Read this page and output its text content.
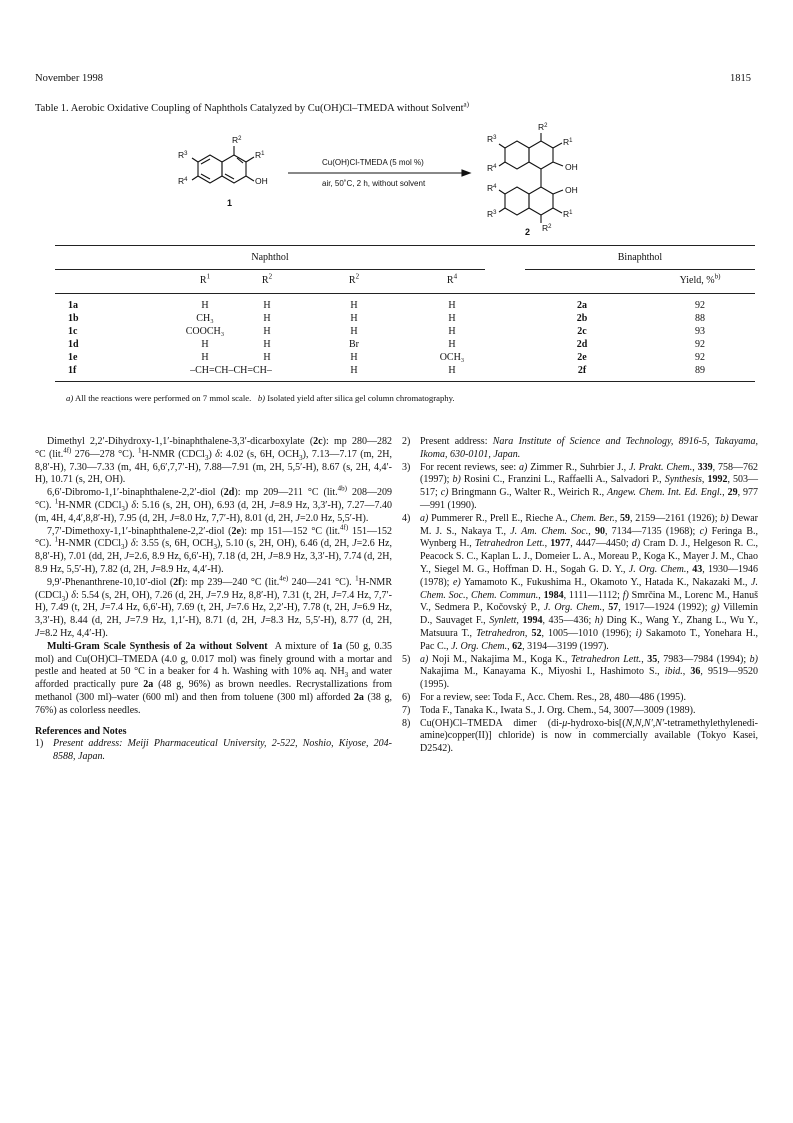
November 1998	1815
Table 1. Aerobic Oxidative Coupling of Naphthols Catalyzed by Cu(OH)Cl–TMEDA without Solvent$^{a)}$
$R^3$
$R^2$
$R^1$
$R^4$	OH
1
Cu(OH)Cl-TMEDA (5 mol %)
air, 50˚C, 2 h, without solvent
$R^2$
$R^3$	$R^1$
$R^4$	OH
OH
$R^4$
$R^3$	$R^1$
$R^2$
2
Naphthol	Binaphthol
$R^1$	$R^2$	$R^2$	$R^4$	Yield, %$^{b)}$
1a	H	H	H	H	2a	92
1b	CH₃	H	H	H	2b	88
1c	COOCH₃	H	H	H	2c	93
1d	H	H	Br	H	2d	92
1e	H	H	H	OCH₃	2e	92
1f	–CH=CH–CH=CH–	H	H	2f	89
a) All the reactions were performed on 7 mmol scale. b) Isolated yield after silica gel column chromatography.

Dimethyl 2,2′-Dihydroxy-1,1′-binaphthalene-3,3′-dicarboxylate (2c): mp 280—282 °C (lit.$^{4f)}$ 276—278 °C). $^1$H-NMR (CDCl$_3$) δ: 4.02 (s, 6H, $OCH_3$), 7.13—7.17 (m, 2H, 8,8′-H), 7.30—7.33 (m, 4H, 6,6′,7,7′-H), 7.88—7.91 (m, 2H, 5,5′-H), 8.67 (s, 2H, 4,4′-H), 10.71 (s, 2H, OH).

6,6′-Dibromo-1,1′-binaphthalene-2,2′-diol (2d): mp 209—211 °C (lit.$^{4b)}$ 208—209 °C). $^1$H-NMR (CDCl$_3$) δ: 5.16 (s, 2H, OH), 6.93 (d, 2H, J=8.9 Hz, 3,3′-H), 7.27—7.40 (m, 4H, 4,4′,8,8′-H), 7.95 (d, 2H, J=8.0 Hz, 7,7′-H), 8.01 (d, 2H, J=2.0 Hz, 5,5′-H).

7,7′-Dimethoxy-1,1′-binaphthalene-2,2′-diol (2e): mp 151—152 °C (lit.$^{4f)}$ 151—152 °C). $^1$H-NMR (CDCl$_3$) δ: 3.55 (s, 6H, $OCH_3$), 5.10 (s, 2H, OH), 6.46 (d, 2H, J=2.6 Hz, 8,8′-H), 7.01 (dd, 2H, J=2.6, 8.9 Hz, 6,6′-H), 7.18 (d, 2H, J=8.9 Hz, 3,3′-H), 7.74 (d, 2H, 8.9 Hz, 5,5′-H), 7.82 (d, 2H, J=8.9 Hz, 4,4′-H).

9,9′-Phenanthrene-10,10′-diol (2f): mp 239—240 °C (lit.$^{4e)}$ 240—241 °C). $^1$H-NMR (CDCl$_3$) δ: 5.54 (s, 2H, OH), 7.26 (d, 2H, J=7.9 Hz, 8,8′-H), 7.31 (t, 2H, J=7.4 Hz, 7,7′-H), 7.49 (t, 2H, J=7.4 Hz, 6,6′-H), 7.69 (t, 2H, J=7.6 Hz, 2,2′-H), 7.78 (t, 2H, J=6.9 Hz, 3,3′-H), 8.44 (d, 2H, J=7.9 Hz, 1,1′-H), 8.71 (d, 2H, J=8.3 Hz, 5,5′-H), 8.77 (d, 2H, J=8.2 Hz, 4,4′-H).

Multi-Gram Scale Synthesis of 2a without Solvent  A mixture of 1a (50 g, 0.35 mol) and Cu(OH)Cl–TMEDA (4.0 g, 0.017 mol) was finely ground with a mortar and pestle and heated at 50 °C in a beaker for 4 h. Washing with 10% aq. $NH_3$ and water afforded practically pure 2a (48 g, 96%) as brown needles. Recrystallizations from methanol (300 ml)–water (600 ml) and then from toluene (300 ml) afforded 2a (38 g, 76%) as colorless needles.

References and Notes

1) Present address: Meiji Pharmaceutical University, 2-522, Noshio, Kiyose, 204-8588, Japan.
2) Present address: Nara Institute of Science and Technology, 8916-5, Takayama, Ikoma, 630-0101, Japan.
3) For recent reviews, see: a) Zimmer R., Suhrbier J., J. Prakt. Chem., 339, 758—762 (1997); b) Rosini C., Franzini L., Raffaelli A., Salvadori P., Synthesis, 1992, 503—517; c) Bringmann G., Walter R., Weirich R., Angew. Chem. Int. Ed. Engl., 29, 977—991 (1990).
4) a) Pummerer R., Prell E., Rieche A., Chem. Ber., 59, 2159—2161 (1926); b) Dewar M. J. S., Nakaya T., J. Am. Chem. Soc., 90, 7134—7135 (1968); c) Feringa B., Wynberg H., Tetrahedron Lett., 1977, 4447—4450; d) Cram D. J., Helgeson R. C., Peacock S. C., Kaplan L. J., Domeier L. A., Moreau P., Koga K., Mayer J. M., Chao Y., Siegel M. G., Hoffman D. H., Sogah G. D. Y., J. Org. Chem., 43, 1930—1946 (1978); e) Yamamoto K., Fukushima H., Okamoto Y., Hatada K., Nakazaki M., J. Chem. Soc., Chem. Commun., 1984, 1111—1112; f) Smrčina M., Lorenc M., Hanuš V., Sedmera P., Kočovský P., J. Org. Chem., 57, 1917—1924 (1992); g) Villemin D., Sauvaget F., Synlett, 1994, 435—436; h) Ding K., Wang Y., Zhang L., Wu Y., Matsuura T., Tetrahedron, 52, 1005—1010 (1996); i) Sakamoto T., Yonehara H., Pac C., J. Org. Chem., 62, 3194—3199 (1997).
5) a) Noji M., Nakajima M., Koga K., Tetrahedron Lett., 35, 7983—7984 (1994); b) Nakajima M., Kanayama K., Miyoshi I., Hashimoto S., ibid., 36, 9519—9520 (1995).
6) For a review, see: Toda F., Acc. Chem. Res., 28, 480—486 (1995).
7) Toda F., Tanaka K., Iwata S., J. Org. Chem., 54, 3007—3009 (1989).
8) Cu(OH)Cl–TMEDA dimer (di-μ-hydroxo-bis[(N,N,N′,N′-tetramethylethylenedi-amine)copper(II)] chloride) is now in commercially available (Tokyo Kasei, D2542).
